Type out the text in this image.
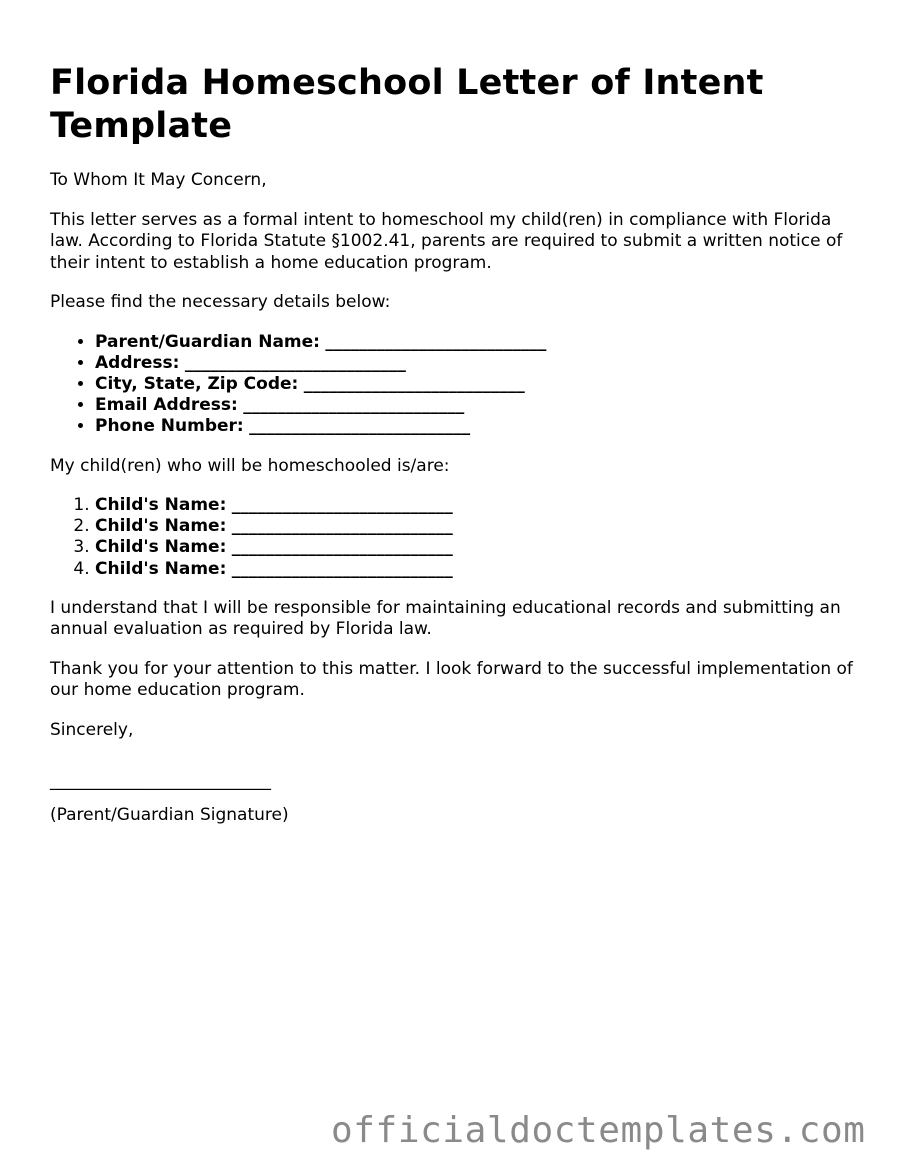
Florida Homeschool Letter of Intent Template

To Whom It May Concern,

This letter serves as a formal intent to homeschool my child(ren) in compliance with Florida law. According to Florida Statute §1002.41, parents are required to submit a written notice of their intent to establish a home education program.

Please find the necessary details below:

• Parent/Guardian Name: __________________________
• Address: __________________________
• City, State, Zip Code: __________________________
• Email Address: __________________________
• Phone Number: __________________________

My child(ren) who will be homeschooled is/are:

1. Child's Name: __________________________
2. Child's Name: __________________________
3. Child's Name: __________________________
4. Child's Name: __________________________

I understand that I will be responsible for maintaining educational records and submitting an annual evaluation as required by Florida law.

Thank you for your attention to this matter. I look forward to the successful implementation of our home education program.

Sincerely,

__________________________

(Parent/Guardian Signature)

officialdoctemplates.com
